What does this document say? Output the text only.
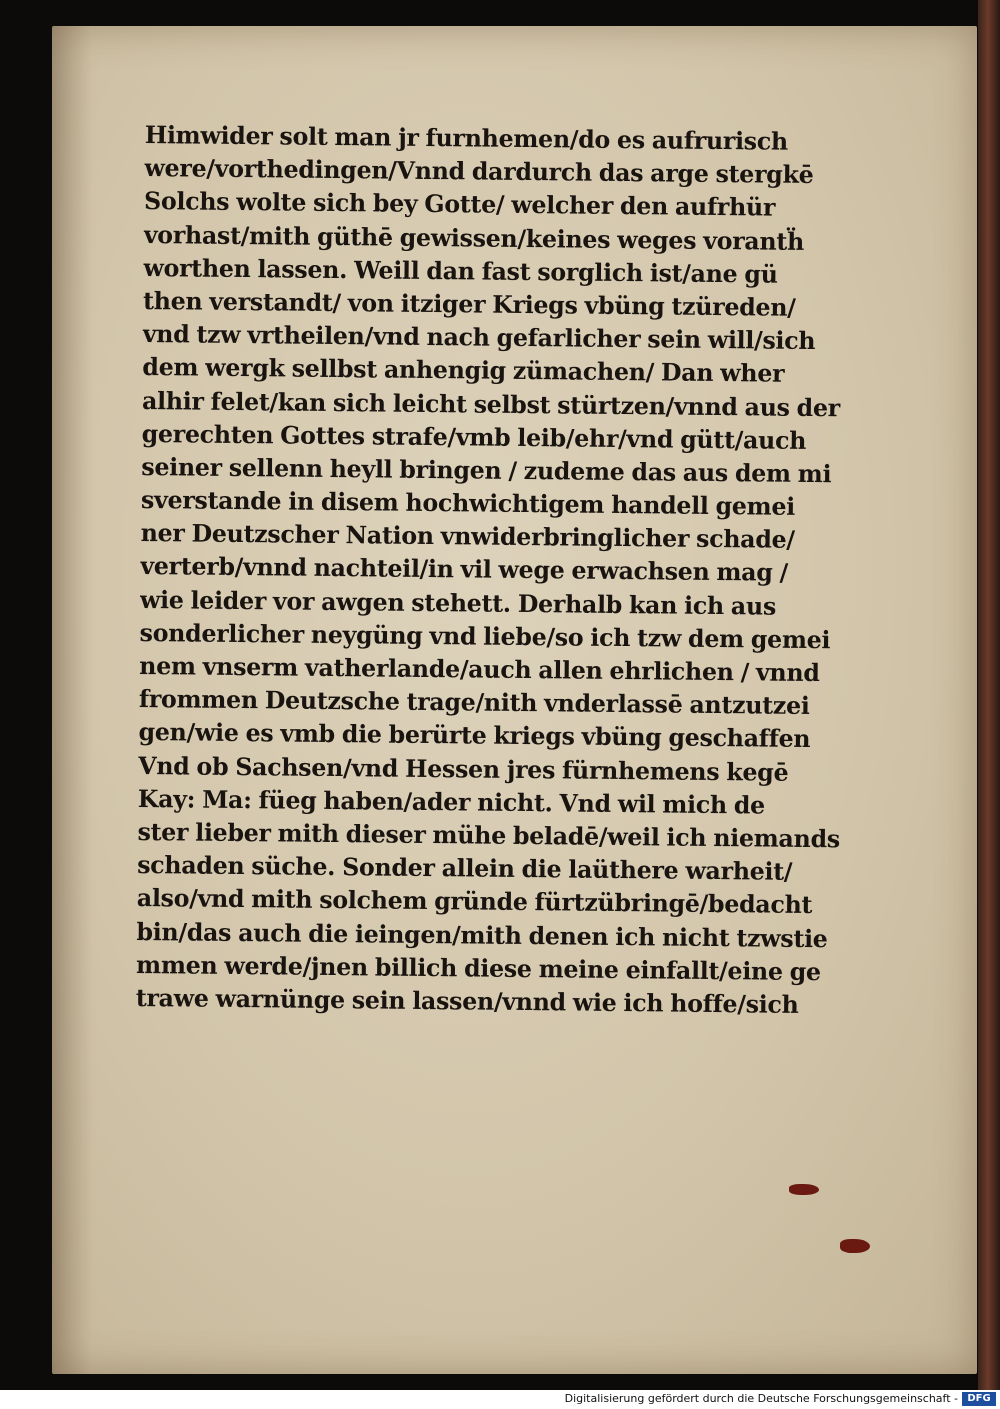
Himwider solt man jr furnhemen/do es aufrurisch
were/vorthedingen/Vnnd dardurch das arge stergkē
Solchs wolte sich bey Gotte/ welcher den aufrhür
vorhast/mith güthē gewissen/keines weges vorantḧ
worthen lassen. Weill dan fast sorglich ist/ane gü
then verstandt/ von itziger Kriegs vbüng tzüreden/
vnd tzw vrtheilen/vnd nach gefarlicher sein will/sich
dem wergk sellbst anhengig zümachen/ Dan wher
alhir felet/kan sich leicht selbst stürtzen/vnnd aus der
gerechten Gottes strafe/vmb leib/ehr/vnd gütt/auch
seiner sellenn heyll bringen / zudeme das aus dem mi
sverstande in disem hochwichtigem handell gemei
ner Deutzscher Nation vnwiderbringlicher schade/
verterb/vnnd nachteil/in vil wege erwachsen mag /
wie leider vor awgen stehett. Derhalb kan ich aus
sonderlicher neygüng vnd liebe/so ich tzw dem gemei
nem vnserm vatherlande/auch allen ehrlichen / vnnd
frommen Deutzsche trage/nith vnderlassē antzutzei
gen/wie es vmb die berürte kriegs vbüng geschaffen
Vnd ob Sachsen/vnd Hessen jres fürnhemens kegē
Kay: Ma: füeg haben/ader nicht. Vnd wil mich de
ster lieber mith dieser mühe beladē/weil ich niemands
schaden süche. Sonder allein die laüthere warheit/
also/vnd mith solchem gründe fürtzübringē/bedacht
bin/das auch die ieingen/mith denen ich nicht tzwstie
mmen werde/jnen billich diese meine einfallt/eine ge
trawe warnünge sein lassen/vnnd wie ich hoffe/sich
Digitalisierung gefördert durch die Deutsche Forschungsgemeinschaft - DFG
